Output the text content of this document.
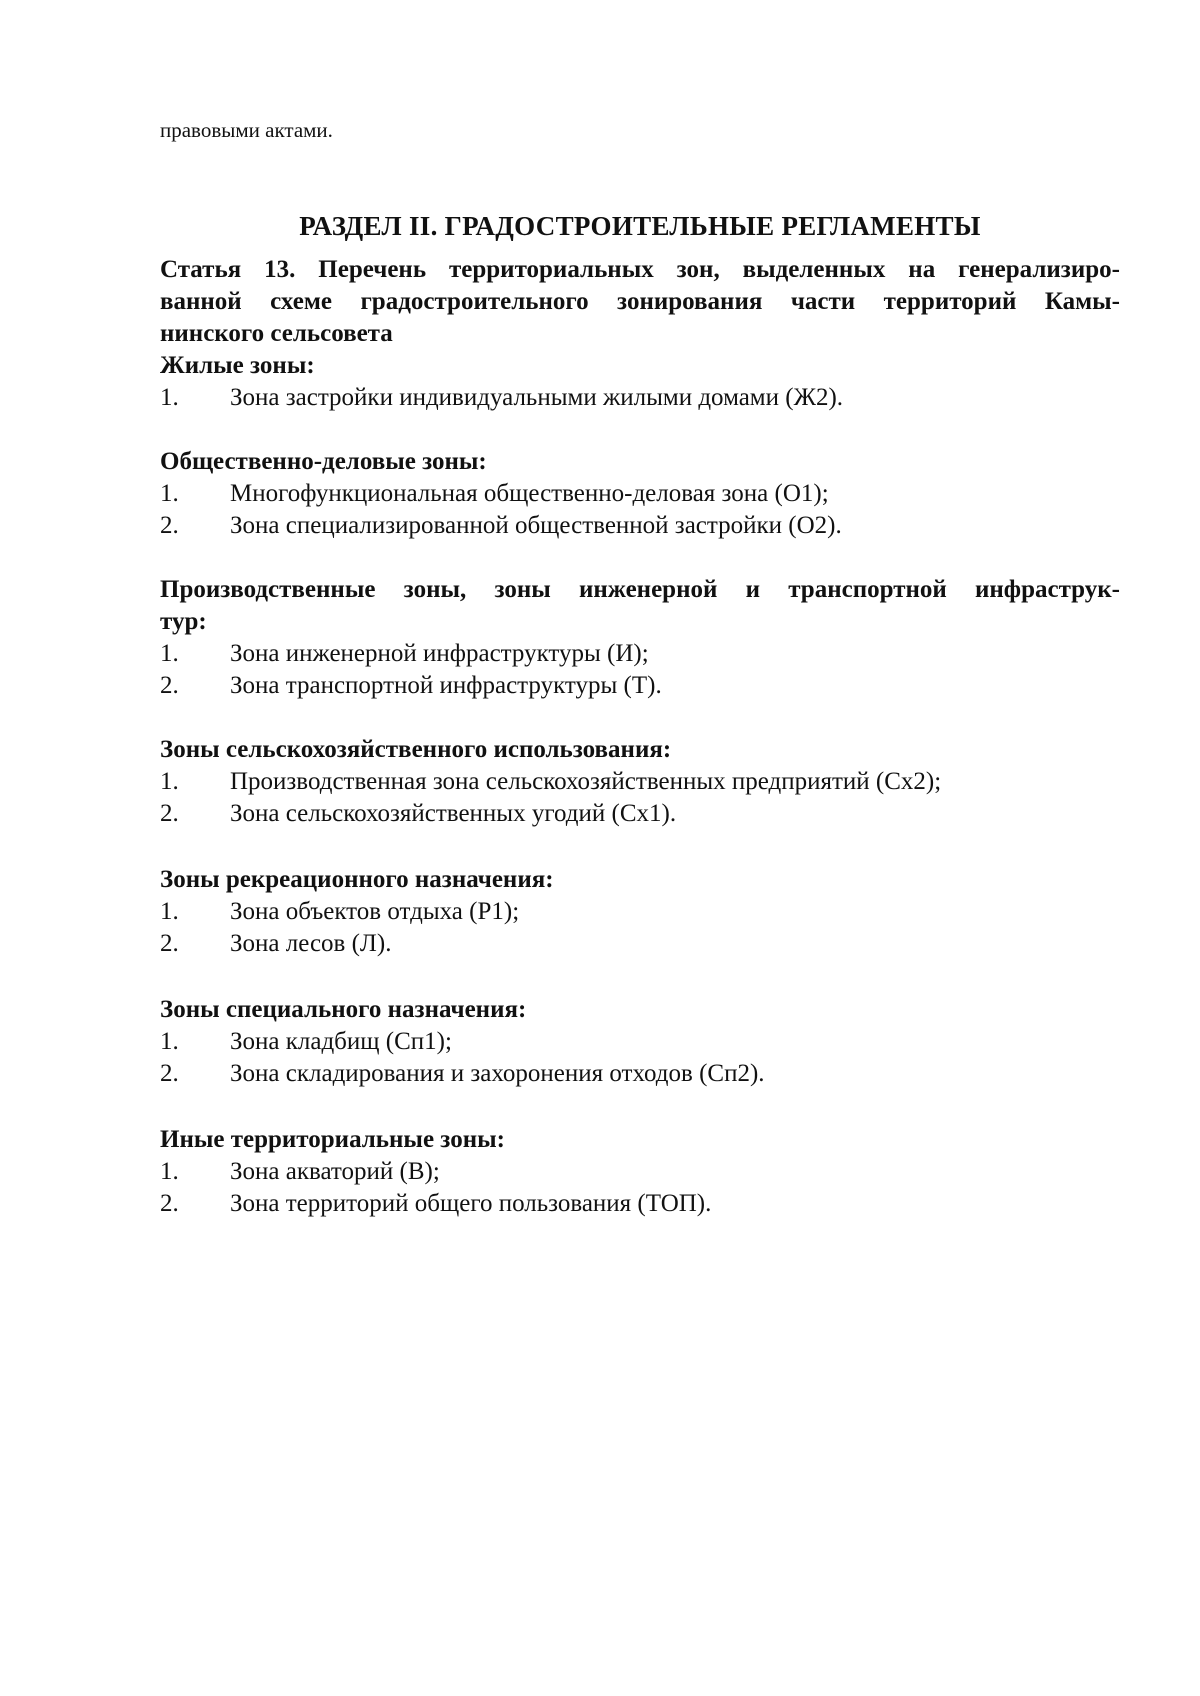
правовыми актами.
РАЗДЕЛ II. ГРАДОСТРОИТЕЛЬНЫЕ РЕГЛАМЕНТЫ
Статья 13. Перечень территориальных зон, выделенных на генерализиро-
ванной схеме градостроительного зонирования части территорий Камы-
нинского сельсовета
Жилые зоны:
1. Зона застройки индивидуальными жилыми домами (Ж2).
Общественно-деловые зоны:
1. Многофункциональная общественно-деловая зона (О1);
2. Зона специализированной общественной застройки (О2).
Производственные зоны, зоны инженерной и транспортной инфраструк-
тур:
1. Зона инженерной инфраструктуры (И);
2. Зона транспортной инфраструктуры (Т).
Зоны сельскохозяйственного использования:
1. Производственная зона сельскохозяйственных предприятий (Сх2);
2. Зона сельскохозяйственных угодий (Сх1).
Зоны рекреационного назначения:
1. Зона объектов отдыха (Р1);
2. Зона лесов (Л).
Зоны специального назначения:
1. Зона кладбищ (Сп1);
2. Зона складирования и захоронения отходов (Сп2).
Иные территориальные зоны:
1. Зона акваторий (В);
2. Зона территорий общего пользования (ТОП).
